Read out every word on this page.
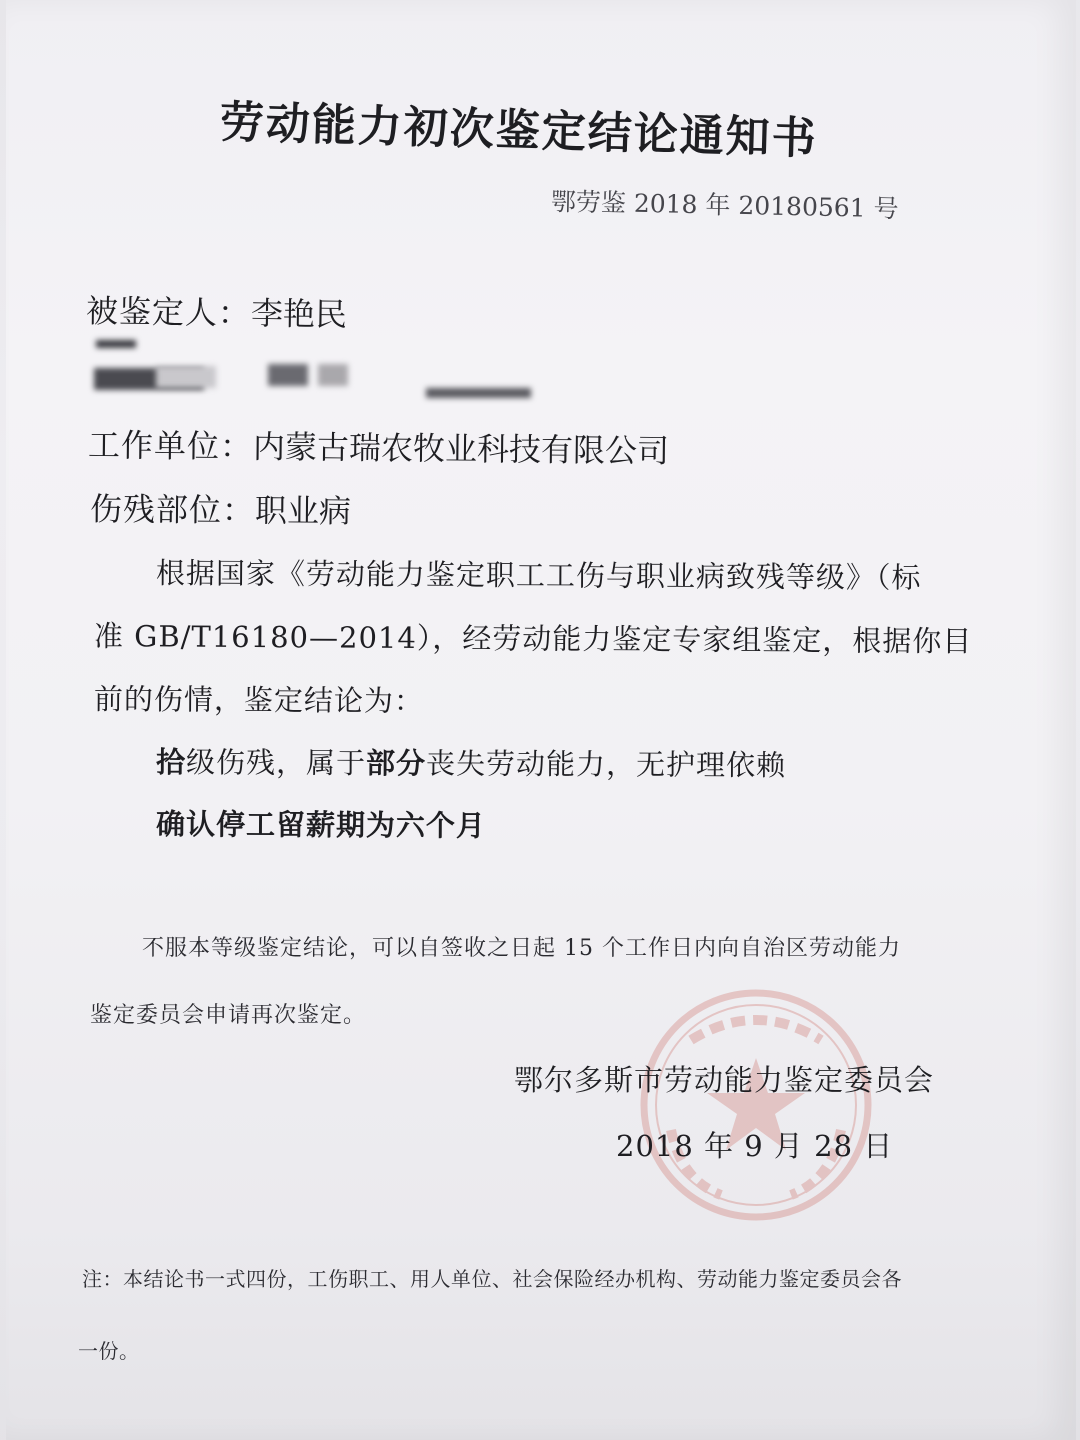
劳动能力初次鉴定结论通知书
鄂劳鉴 2018 年 20180561 号
被鉴定人：李艳民
工作单位：内蒙古瑞农牧业科技有限公司
伤残部位：职业病
根据国家《劳动能力鉴定职工工伤与职业病致残等级》（标
准 GB/T16180—2014），经劳动能力鉴定专家组鉴定，根据你目
前的伤情，鉴定结论为：
拾级伤残，属于部分丧失劳动能力，无护理依赖
确认停工留薪期为六个月
不服本等级鉴定结论，可以自签收之日起 15 个工作日内向自治区劳动能力
鉴定委员会申请再次鉴定。
鄂尔多斯市劳动能力鉴定委员会
2018 年 9 月 28 日
注：本结论书一式四份，工伤职工、用人单位、社会保险经办机构、劳动能力鉴定委员会各
一份。
